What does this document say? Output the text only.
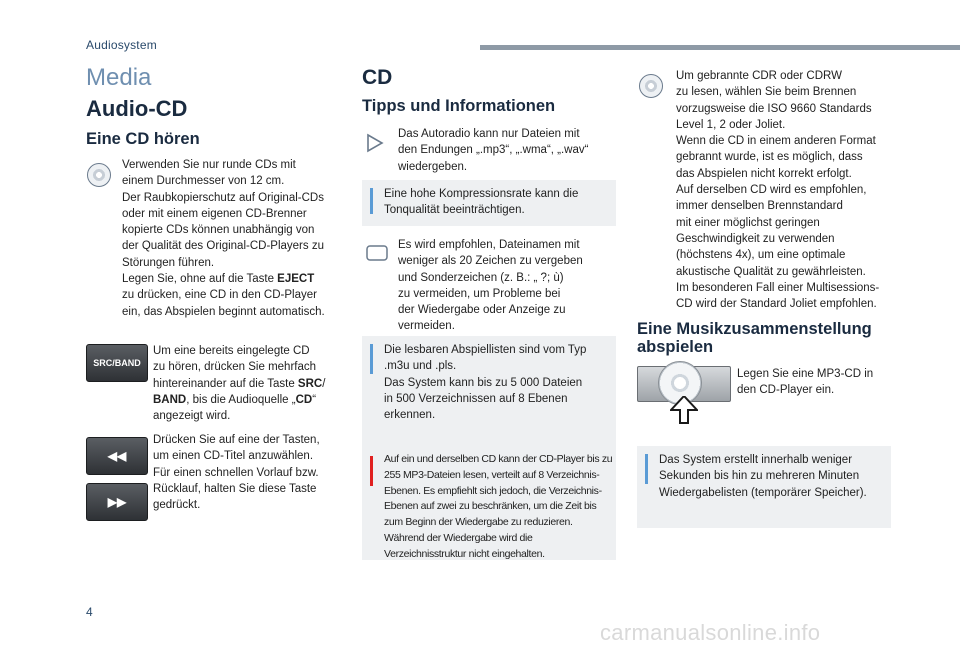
Audiosystem
Media
Audio-CD
Eine CD hören
Verwenden Sie nur runde CDs mit
einem Durchmesser von 12 cm.
Der Raubkopierschutz auf Original-CDs
oder mit einem eigenen CD-Brenner
kopierte CDs können unabhängig von
der Qualität des Original-CD-Players zu
Störungen führen.
Legen Sie, ohne auf die Taste EJECT
zu drücken, eine CD in den CD-Player
ein, das Abspielen beginnt automatisch.
SRC/BAND
Um eine bereits eingelegte CD
zu hören, drücken Sie mehrfach
hintereinander auf die Taste SRC/
BAND, bis die Audioquelle „CD“
angezeigt wird.
◀◀
▶▶
Drücken Sie auf eine der Tasten,
um einen CD-Titel anzuwählen.
Für einen schnellen Vorlauf bzw.
Rücklauf, halten Sie diese Taste
gedrückt.
CD
Tipps und Informationen
Das Autoradio kann nur Dateien mit
den Endungen „.mp3“, „.wma“, „.wav“
wiedergeben.
Eine hohe Kompressionsrate kann die
Tonqualität beeinträchtigen.
Es wird empfohlen, Dateinamen mit
weniger als 20 Zeichen zu vergeben
und Sonderzeichen (z. B.: „ ?; ù)
zu vermeiden, um Probleme bei
der Wiedergabe oder Anzeige zu
vermeiden.
Die lesbaren Abspiellisten sind vom Typ
.m3u und .pls.
Das System kann bis zu 5 000 Dateien
in 500 Verzeichnissen auf 8 Ebenen
erkennen.
Auf ein und derselben CD kann der CD-Player bis zu
255 MP3-Dateien lesen, verteilt auf 8 Verzeichnis-
Ebenen. Es empfiehlt sich jedoch, die Verzeichnis-
Ebenen auf zwei zu beschränken, um die Zeit bis
zum Beginn der Wiedergabe zu reduzieren.
Während der Wiedergabe wird die
Verzeichnisstruktur nicht eingehalten.
Um gebrannte CDR oder CDRW
zu lesen, wählen Sie beim Brennen
vorzugsweise die ISO 9660 Standards
Level 1, 2 oder Joliet.
Wenn die CD in einem anderen Format
gebrannt wurde, ist es möglich, dass
das Abspielen nicht korrekt erfolgt.
Auf derselben CD wird es empfohlen,
immer denselben Brennstandard
mit einer möglichst geringen
Geschwindigkeit zu verwenden
(höchstens 4x), um eine optimale
akustische Qualität zu gewährleisten.
Im besonderen Fall einer Multisessions-
CD wird der Standard Joliet empfohlen.
Eine Musikzusammenstellung
abspielen
Legen Sie eine MP3-CD in
den CD-Player ein.
Das System erstellt innerhalb weniger
Sekunden bis hin zu mehreren Minuten
Wiedergabelisten (temporärer Speicher).
4
carmanualsonline.info
